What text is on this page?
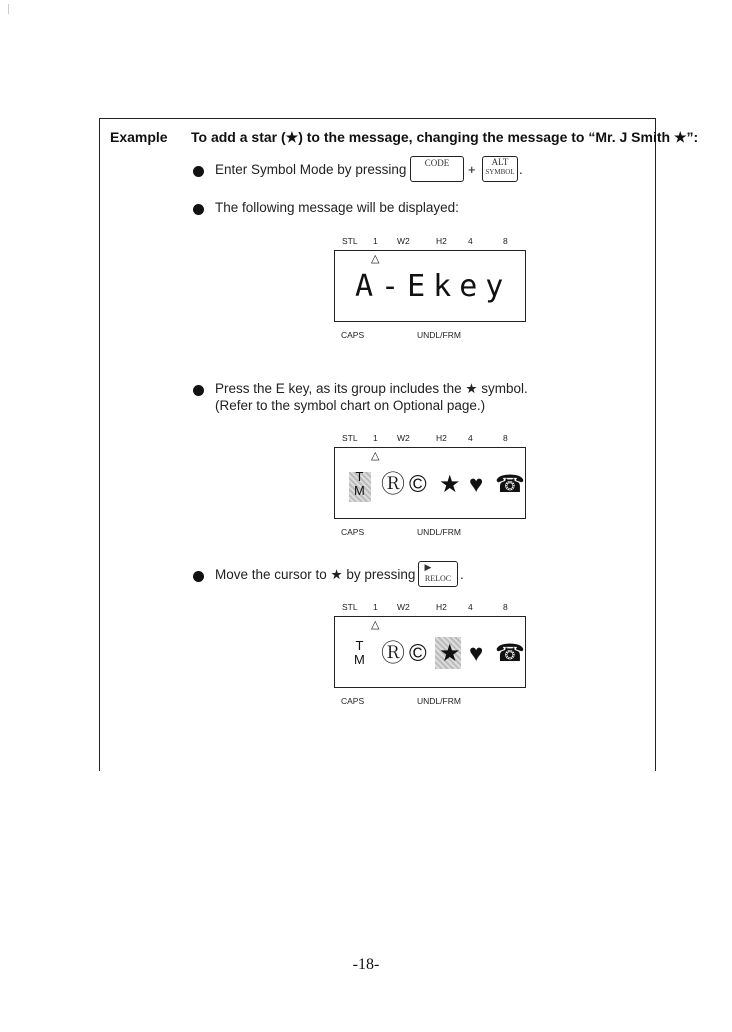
Example To add a star (★) to the message, changing the message to “Mr. J Smith ★”:
Enter Symbol Mode by pressing	CODE	+	ALT
SYMBOL .
The following message will be displayed:
STL 1 W2	H2 4	8
△
A-Ekey
CAPS	UNDL/FRM
Press the E key, as its group includes the ★ symbol.
(Refer to the symbol chart on Optional page.)
STL 1 W2	H2 4	8
△
T
M Ⓡ © ★ ♥ ☎
CAPS	UNDL/FRM
Move the cursor to ★ by pressing	▶
RELOC .
STL 1 W2	H2 4	8
△
T
M Ⓡ © ★ ♥ ☎
CAPS	UNDL/FRM
-18-
